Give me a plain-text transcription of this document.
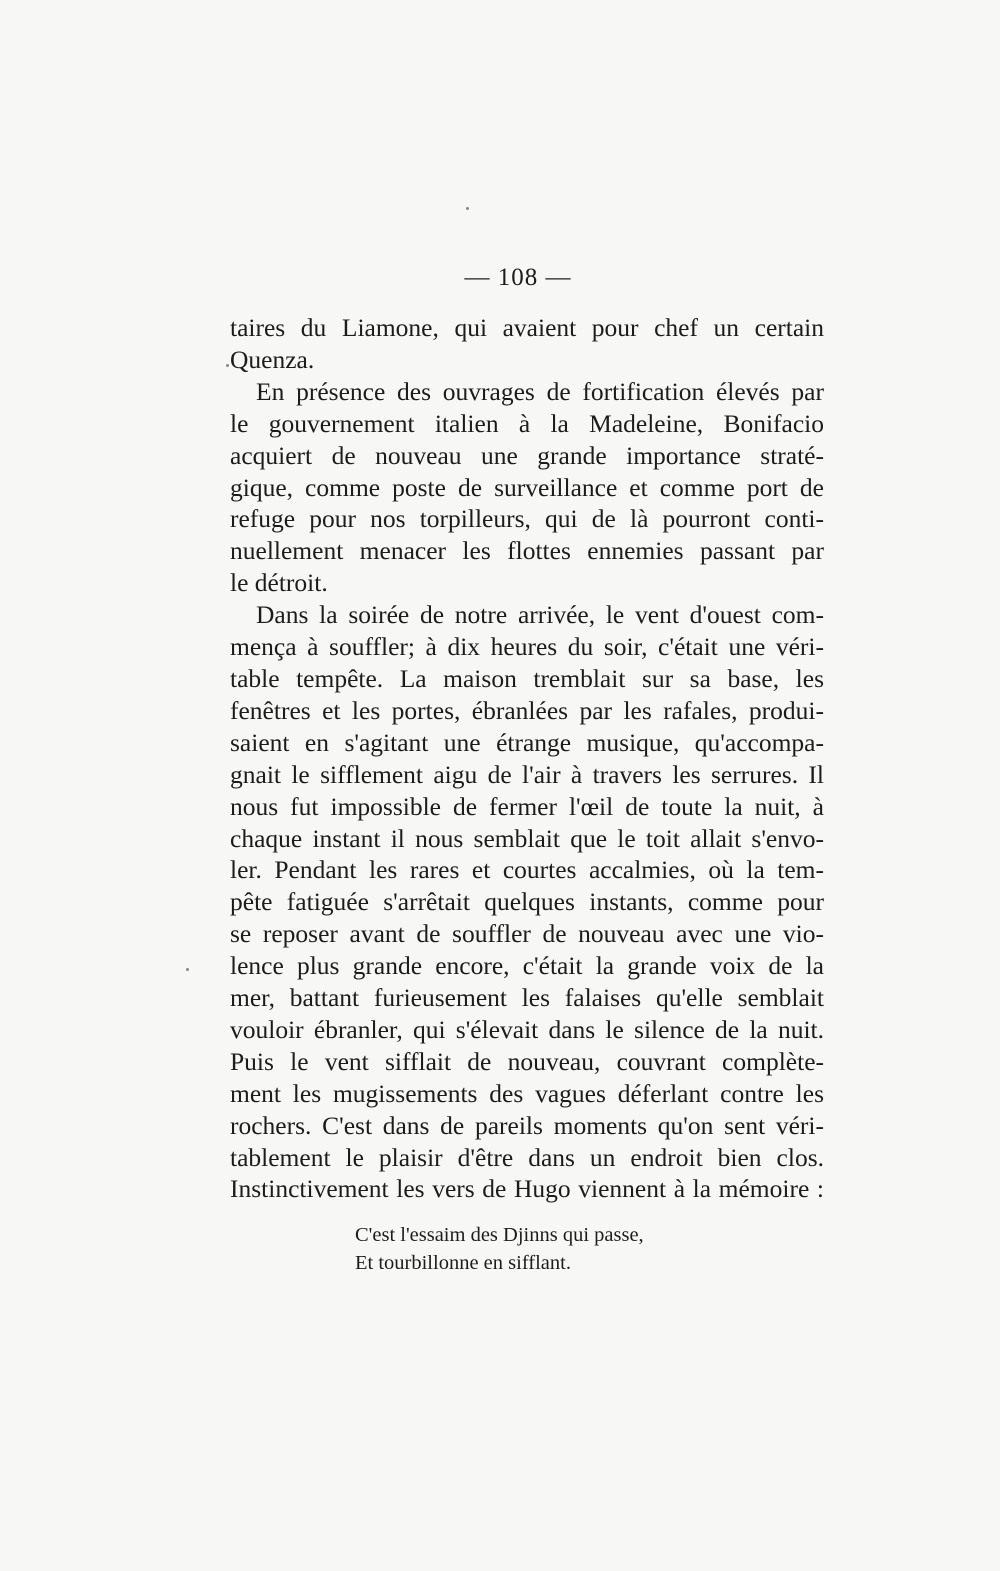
— 108 —
taires du Liamone, qui avaient pour chef un certain
Quenza.
En présence des ouvrages de fortification élevés par
le gouvernement italien à la Madeleine, Bonifacio
acquiert de nouveau une grande importance straté-
gique, comme poste de surveillance et comme port de
refuge pour nos torpilleurs, qui de là pourront conti-
nuellement menacer les flottes ennemies passant par
le détroit.
Dans la soirée de notre arrivée, le vent d'ouest com-
mença à souffler; à dix heures du soir, c'était une véri-
table tempête. La maison tremblait sur sa base, les
fenêtres et les portes, ébranlées par les rafales, produi-
saient en s'agitant une étrange musique, qu'accompa-
gnait le sifflement aigu de l'air à travers les serrures. Il
nous fut impossible de fermer l'œil de toute la nuit, à
chaque instant il nous semblait que le toit allait s'envo-
ler. Pendant les rares et courtes accalmies, où la tem-
pête fatiguée s'arrêtait quelques instants, comme pour
se reposer avant de souffler de nouveau avec une vio-
lence plus grande encore, c'était la grande voix de la
mer, battant furieusement les falaises qu'elle semblait
vouloir ébranler, qui s'élevait dans le silence de la nuit.
Puis le vent sifflait de nouveau, couvrant complète-
ment les mugissements des vagues déferlant contre les
rochers. C'est dans de pareils moments qu'on sent véri-
tablement le plaisir d'être dans un endroit bien clos.
Instinctivement les vers de Hugo viennent à la mémoire :
C'est l'essaim des Djinns qui passe,
Et tourbillonne en sifflant.
